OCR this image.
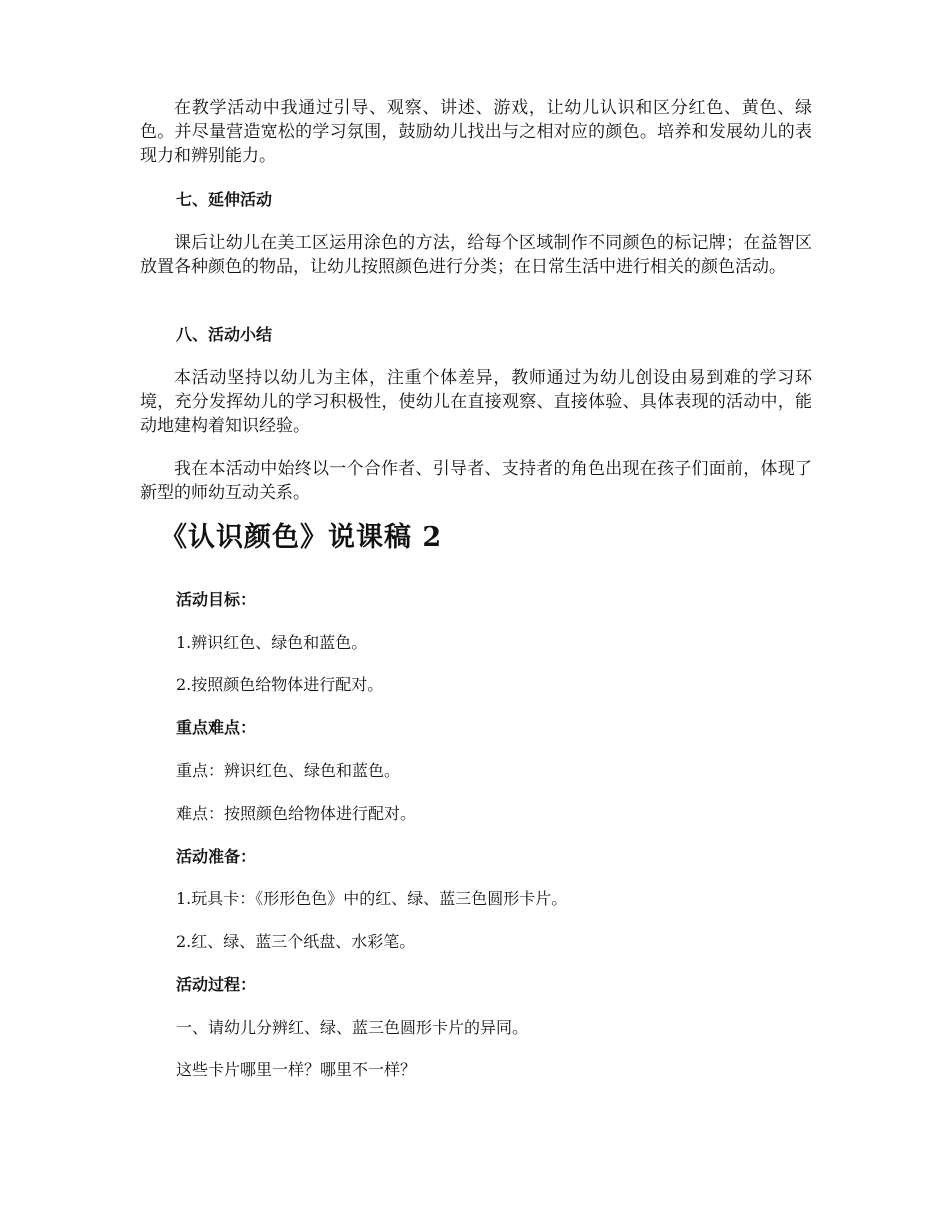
在教学活动中我通过引导、观察、讲述、游戏，让幼儿认识和区分红色、黄色、绿色。并尽量营造宽松的学习氛围，鼓励幼儿找出与之相对应的颜色。培养和发展幼儿的表现力和辨别能力。

七、延伸活动

课后让幼儿在美工区运用涂色的方法，给每个区域制作不同颜色的标记牌；在益智区放置各种颜色的物品，让幼儿按照颜色进行分类；在日常生活中进行相关的颜色活动。

八、活动小结

本活动坚持以幼儿为主体，注重个体差异，教师通过为幼儿创设由易到难的学习环境，充分发挥幼儿的学习积极性，使幼儿在直接观察、直接体验、具体表现的活动中，能动地建构着知识经验。

我在本活动中始终以一个合作者、引导者、支持者的角色出现在孩子们面前，体现了新型的师幼互动关系。

《认识颜色》说课稿 2

活动目标：

1.辨识红色、绿色和蓝色。

2.按照颜色给物体进行配对。

重点难点：

重点：辨识红色、绿色和蓝色。

难点：按照颜色给物体进行配对。

活动准备：

1.玩具卡：《形形色色》中的红、绿、蓝三色圆形卡片。

2.红、绿、蓝三个纸盘、水彩笔。

活动过程：

一、请幼儿分辨红、绿、蓝三色圆形卡片的异同。

这些卡片哪里一样？哪里不一样？
